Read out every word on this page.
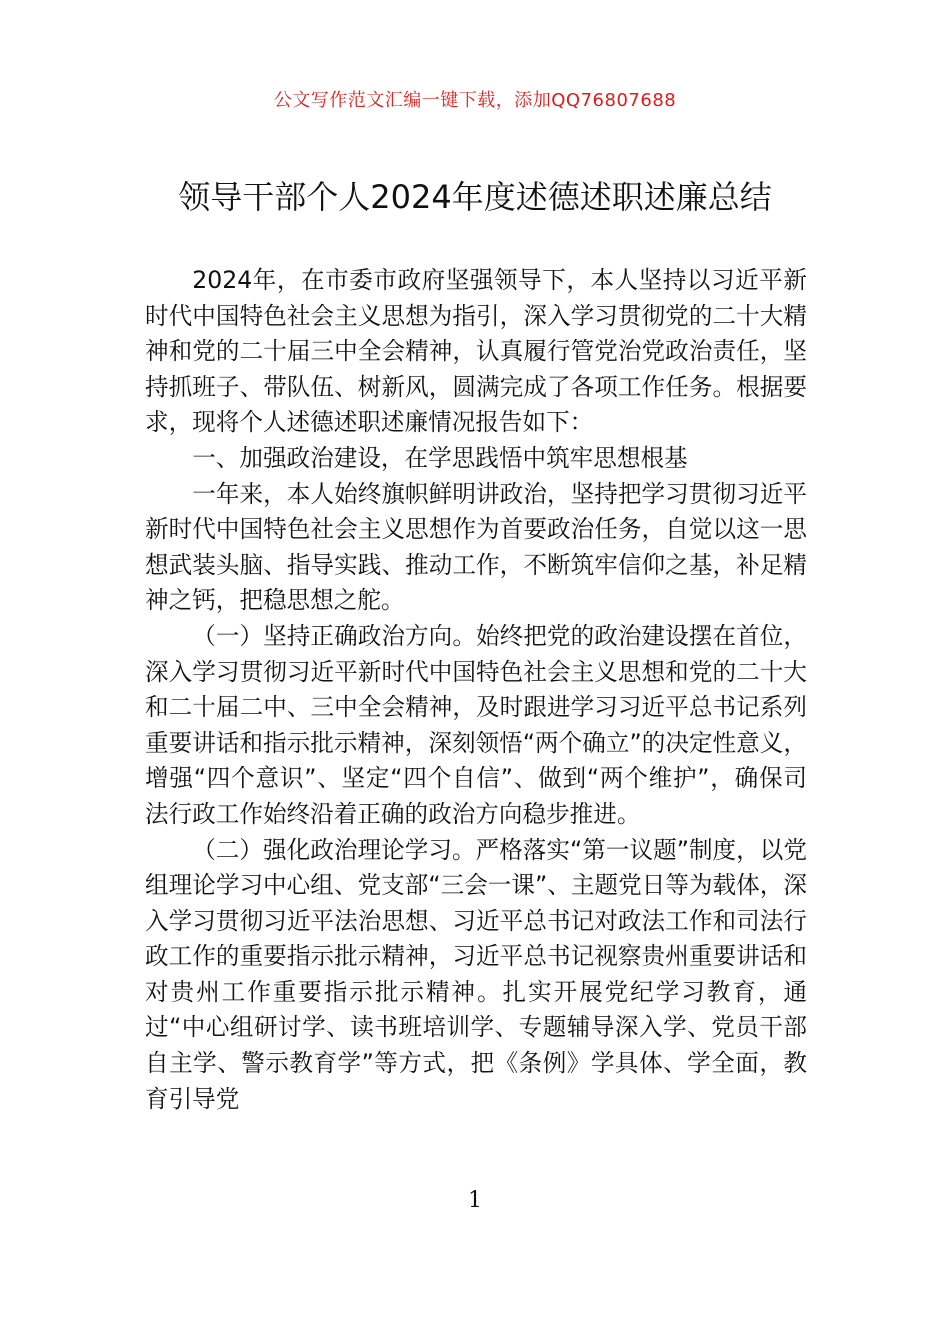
公文写作范文汇编一键下载，添加QQ76807688
领导干部个人2024年度述德述职述廉总结

2024年，在市委市政府坚强领导下，本人坚持以习近平新时代中国特色社会主义思想为指引，深入学习贯彻党的二十大精神和党的二十届三中全会精神，认真履行管党治党政治责任，坚持抓班子、带队伍、树新风，圆满完成了各项工作任务。根据要求，现将个人述德述职述廉情况报告如下：

一、加强政治建设，在学思践悟中筑牢思想根基

一年来，本人始终旗帜鲜明讲政治，坚持把学习贯彻习近平新时代中国特色社会主义思想作为首要政治任务，自觉以这一思想武装头脑、指导实践、推动工作，不断筑牢信仰之基，补足精神之钙，把稳思想之舵。

（一）坚持正确政治方向。始终把党的政治建设摆在首位，深入学习贯彻习近平新时代中国特色社会主义思想和党的二十大和二十届二中、三中全会精神，及时跟进学习习近平总书记系列重要讲话和指示批示精神，深刻领悟“两个确立”的决定性意义，增强“四个意识”、坚定“四个自信”、做到“两个维护”，确保司法行政工作始终沿着正确的政治方向稳步推进。

（二）强化政治理论学习。严格落实“第一议题”制度，以党组理论学习中心组、党支部“三会一课”、主题党日等为载体，深入学习贯彻习近平法治思想、习近平总书记对政法工作和司法行政工作的重要指示批示精神，习近平总书记视察贵州重要讲话和对贵州工作重要指示批示精神。扎实开展党纪学习教育，通过“中心组研讨学、读书班培训学、专题辅导深入学、党员干部自主学、警示教育学”等方式，把《条例》学具体、学全面，教育引导党

1
